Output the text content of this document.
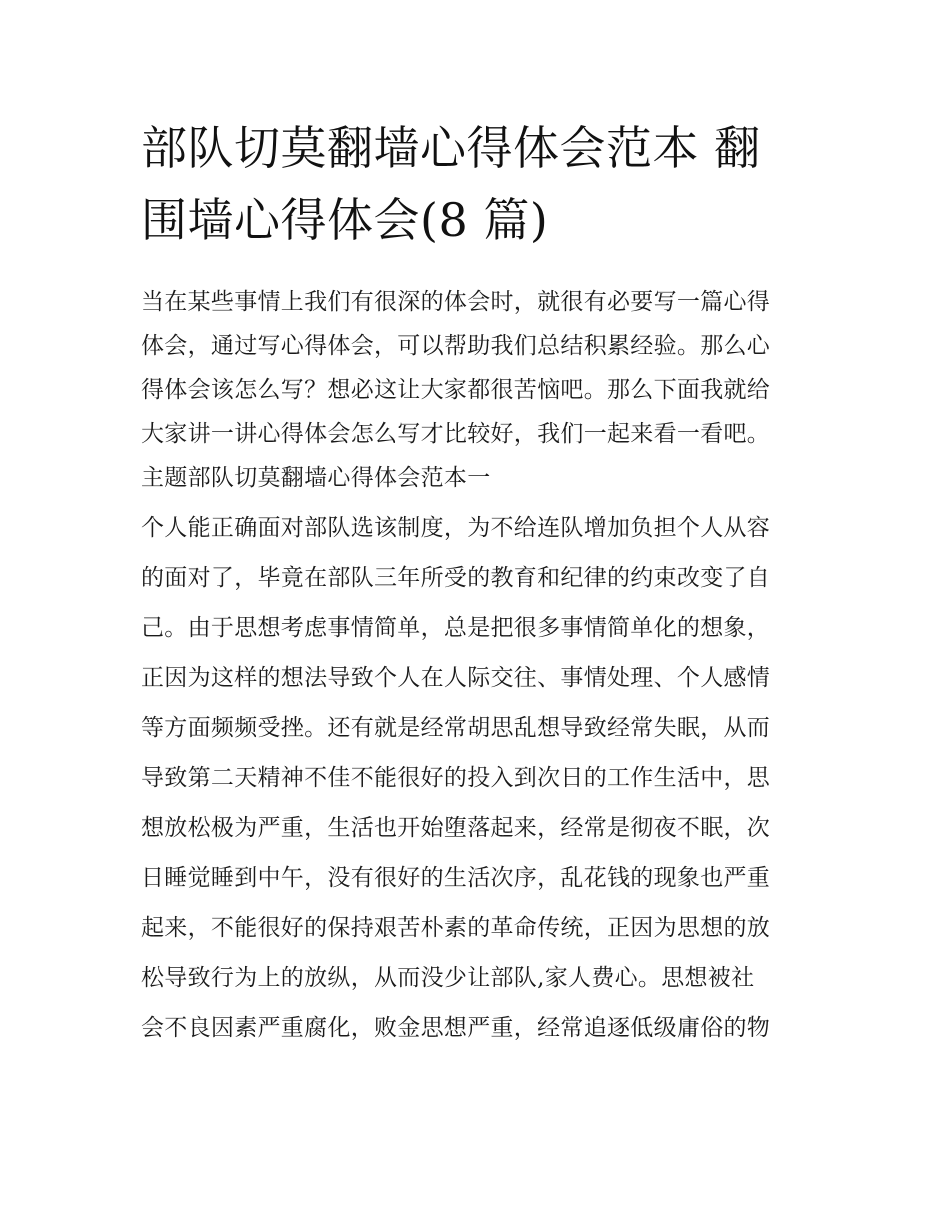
部队切莫翻墙心得体会范本 翻
围墙心得体会(8 篇)
当在某些事情上我们有很深的体会时，就很有必要写一篇心得
体会，通过写心得体会，可以帮助我们总结积累经验。那么心
得体会该怎么写？想必这让大家都很苦恼吧。那么下面我就给
大家讲一讲心得体会怎么写才比较好，我们一起来看一看吧。
主题部队切莫翻墙心得体会范本一
个人能正确面对部队选该制度，为不给连队增加负担个人从容
的面对了，毕竟在部队三年所受的教育和纪律的约束改变了自
己。由于思想考虑事情简单，总是把很多事情简单化的想象，
正因为这样的想法导致个人在人际交往、事情处理、个人感情
等方面频频受挫。还有就是经常胡思乱想导致经常失眠，从而
导致第二天精神不佳不能很好的投入到次日的工作生活中，思
想放松极为严重，生活也开始堕落起来，经常是彻夜不眠，次
日睡觉睡到中午，没有很好的生活次序，乱花钱的现象也严重
起来，不能很好的保持艰苦朴素的革命传统，正因为思想的放
松导致行为上的放纵，从而没少让部队,家人费心。思想被社
会不良因素严重腐化，败金思想严重，经常追逐低级庸俗的物
